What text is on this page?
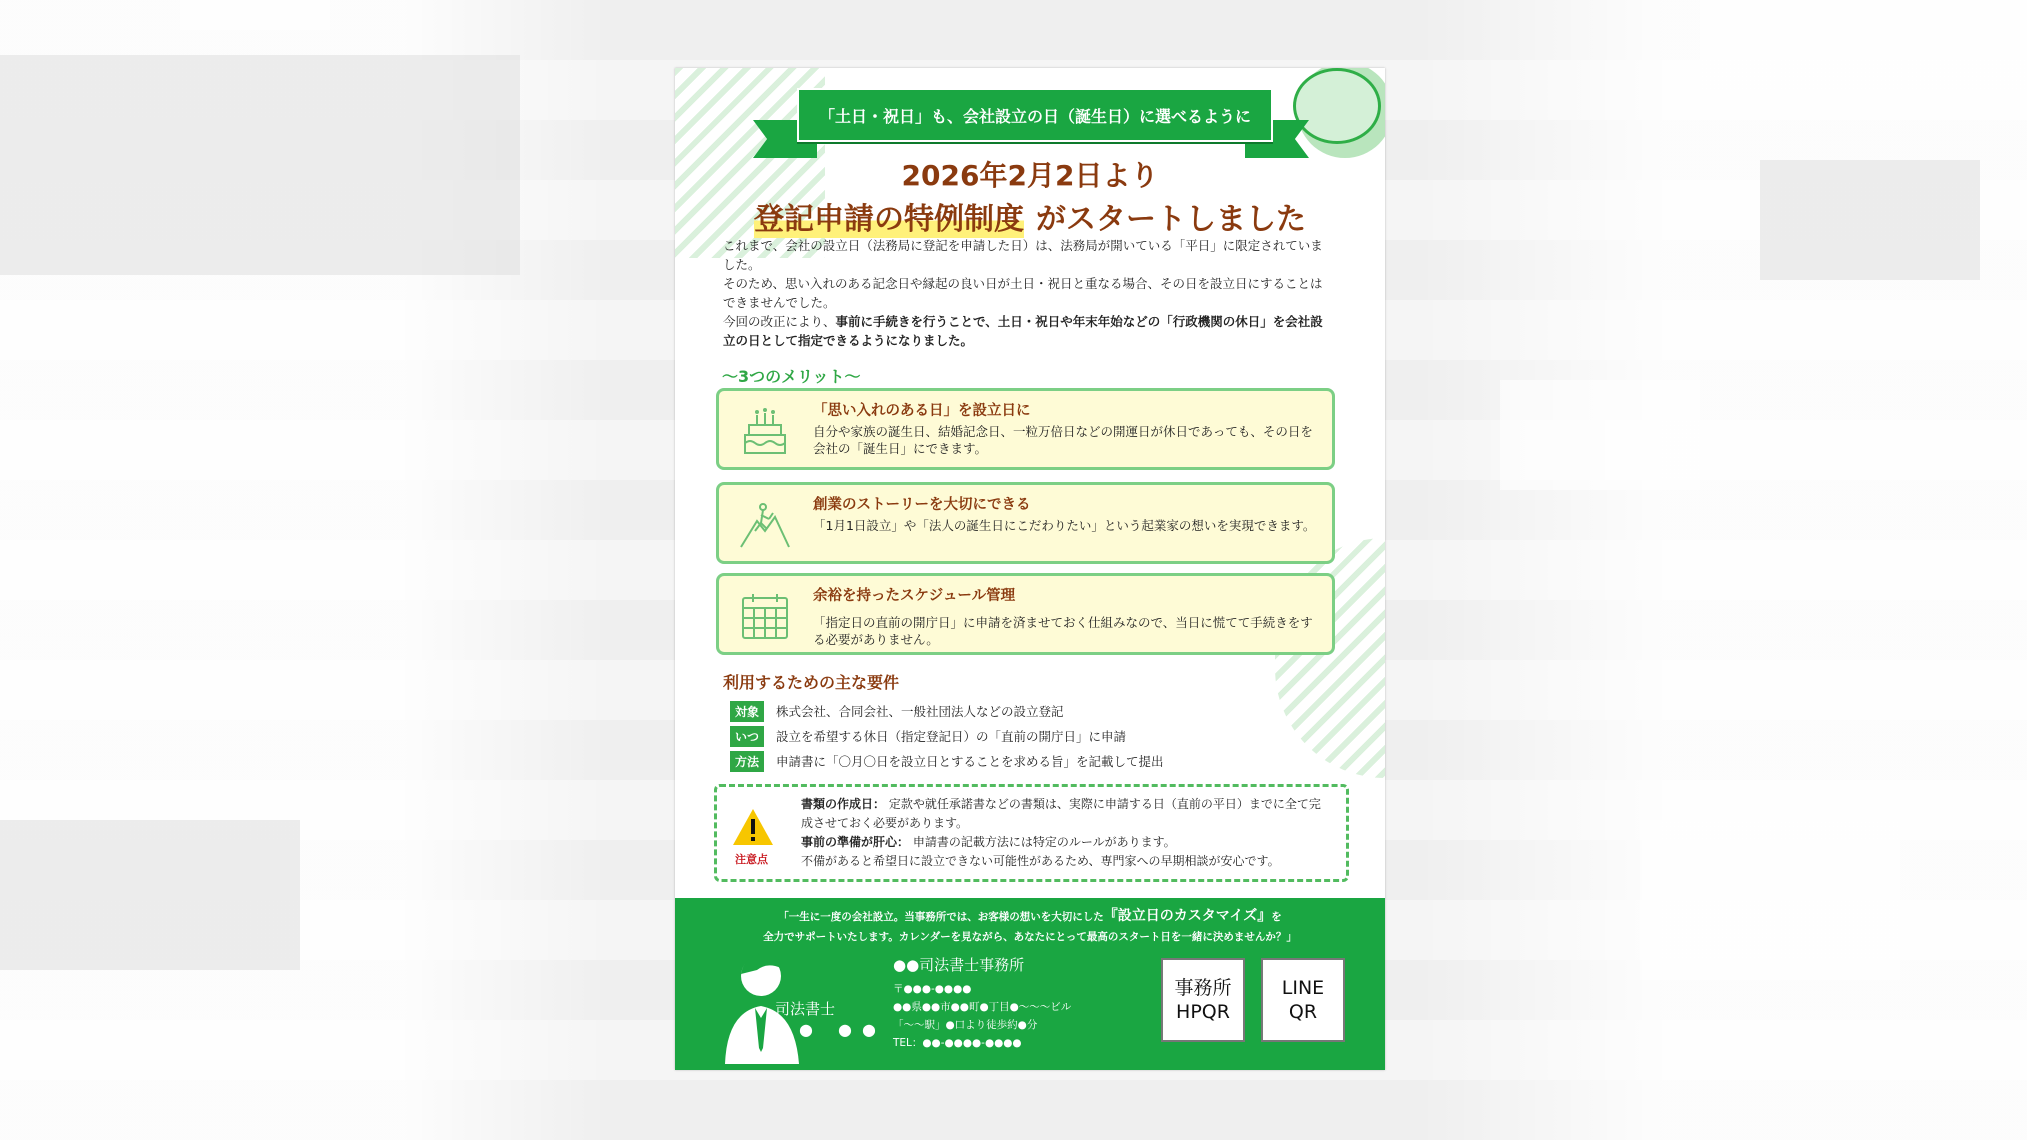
「土日・祝日」も、会社設立の日（誕生日）に選べるように
2026年2月2日より
登記申請の特例制度 がスタートしました

これまで、会社の設立日（法務局に登記を申請した日）は、法務局が開いている「平日」に限定されていました。

そのため、思い入れのある記念日や縁起の良い日が土日・祝日と重なる場合、その日を設立日にすることはできませんでした。

今回の改正により、事前に手続きを行うことで、土日・祝日や年末年始などの「行政機関の休日」を会社設立の日として指定できるようになりました。

～3つのメリット～
「思い入れのある日」を設立日に
自分や家族の誕生日、結婚記念日、一粒万倍日などの開運日が休日であっても、その日を会社の「誕生日」にできます。
創業のストーリーを大切にできる
「1月1日設立」や「法人の誕生日にこだわりたい」という起業家の想いを実現できます。
余裕を持ったスケジュール管理
「指定日の直前の開庁日」に申請を済ませておく仕組みなので、当日に慌てて手続きをする必要がありません。
利用するための主な要件
対象	株式会社、合同会社、一般社団法人などの設立登記
いつ	設立を希望する休日（指定登記日）の「直前の開庁日」に申請
方法	申請書に「〇月〇日を設立日とすることを求める旨」を記載して提出
注意点
書類の作成日： 定款や就任承諾書などの書類は、実際に申請する日（直前の平日）までに全て完成させておく必要があります。
事前の準備が肝心： 申請書の記載方法には特定のルールがあります。
不備があると希望日に設立できない可能性があるため、専門家への早期相談が安心です。
「一生に一度の会社設立。当事務所では、お客様の想いを大切にした『設立日のカスタマイズ』を
全力でサポートいたします。カレンダーを見ながら、あなたにとって最高のスタート日を一緒に決めませんか？」
司法書士
●● ●●
●●司法書士事務所
〒●●●-●●●●
●●県●●市●●町●丁目●～～～ビル
「～～駅」●口より徒歩約●分
TEL：●●-●●●●-●●●●
事務所
HPQR
LINE
QR
